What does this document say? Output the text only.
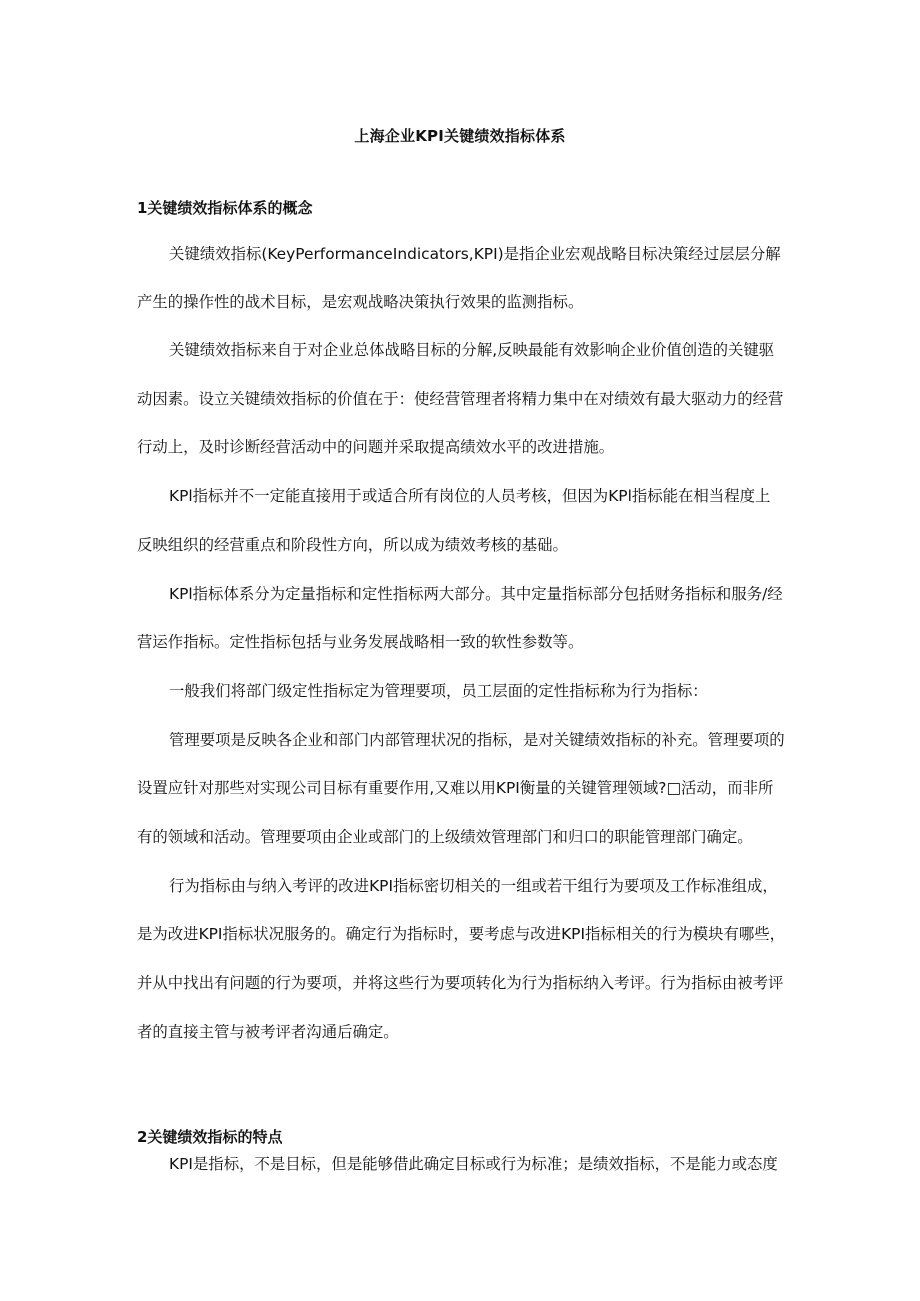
上海企业KPI关键绩效指标体系
1关键绩效指标体系的概念
关键绩效指标(KeyPerformanceIndicators,KPI)是指企业宏观战略目标决策经过层层分解
产生的操作性的战术目标，是宏观战略决策执行效果的监测指标。
关键绩效指标来自于对企业总体战略目标的分解,反映最能有效影响企业价值创造的关键驱
动因素。设立关键绩效指标的价值在于：使经营管理者将精力集中在对绩效有最大驱动力的经营
行动上，及时诊断经营活动中的问题并采取提高绩效水平的改进措施。
KPl指标并不一定能直接用于或适合所有岗位的人员考核，但因为KPl指标能在相当程度上
反映组织的经营重点和阶段性方向，所以成为绩效考核的基础。
KPl指标体系分为定量指标和定性指标两大部分。其中定量指标部分包括财务指标和服务/经
营运作指标。定性指标包括与业务发展战略相一致的软性参数等。
一般我们将部门级定性指标定为管理要项，员工层面的定性指标称为行为指标：
管理要项是反映各企业和部门内部管理状况的指标，是对关键绩效指标的补充。管理要项的
设置应针对那些对实现公司目标有重要作用,又难以用KPI衡量的关键管理领域?□活动，而非所
有的领域和活动。管理要项由企业或部门的上级绩效管理部门和归口的职能管理部门确定。
行为指标由与纳入考评的改进KPI指标密切相关的一组或若干组行为要项及工作标准组成，
是为改进KPI指标状况服务的。确定行为指标时，要考虑与改进KPI指标相关的行为模块有哪些，
并从中找出有问题的行为要项，并将这些行为要项转化为行为指标纳入考评。行为指标由被考评
者的直接主管与被考评者沟通后确定。
2关键绩效指标的特点
KPI是指标，不是目标，但是能够借此确定目标或行为标准；是绩效指标，不是能力或态度
